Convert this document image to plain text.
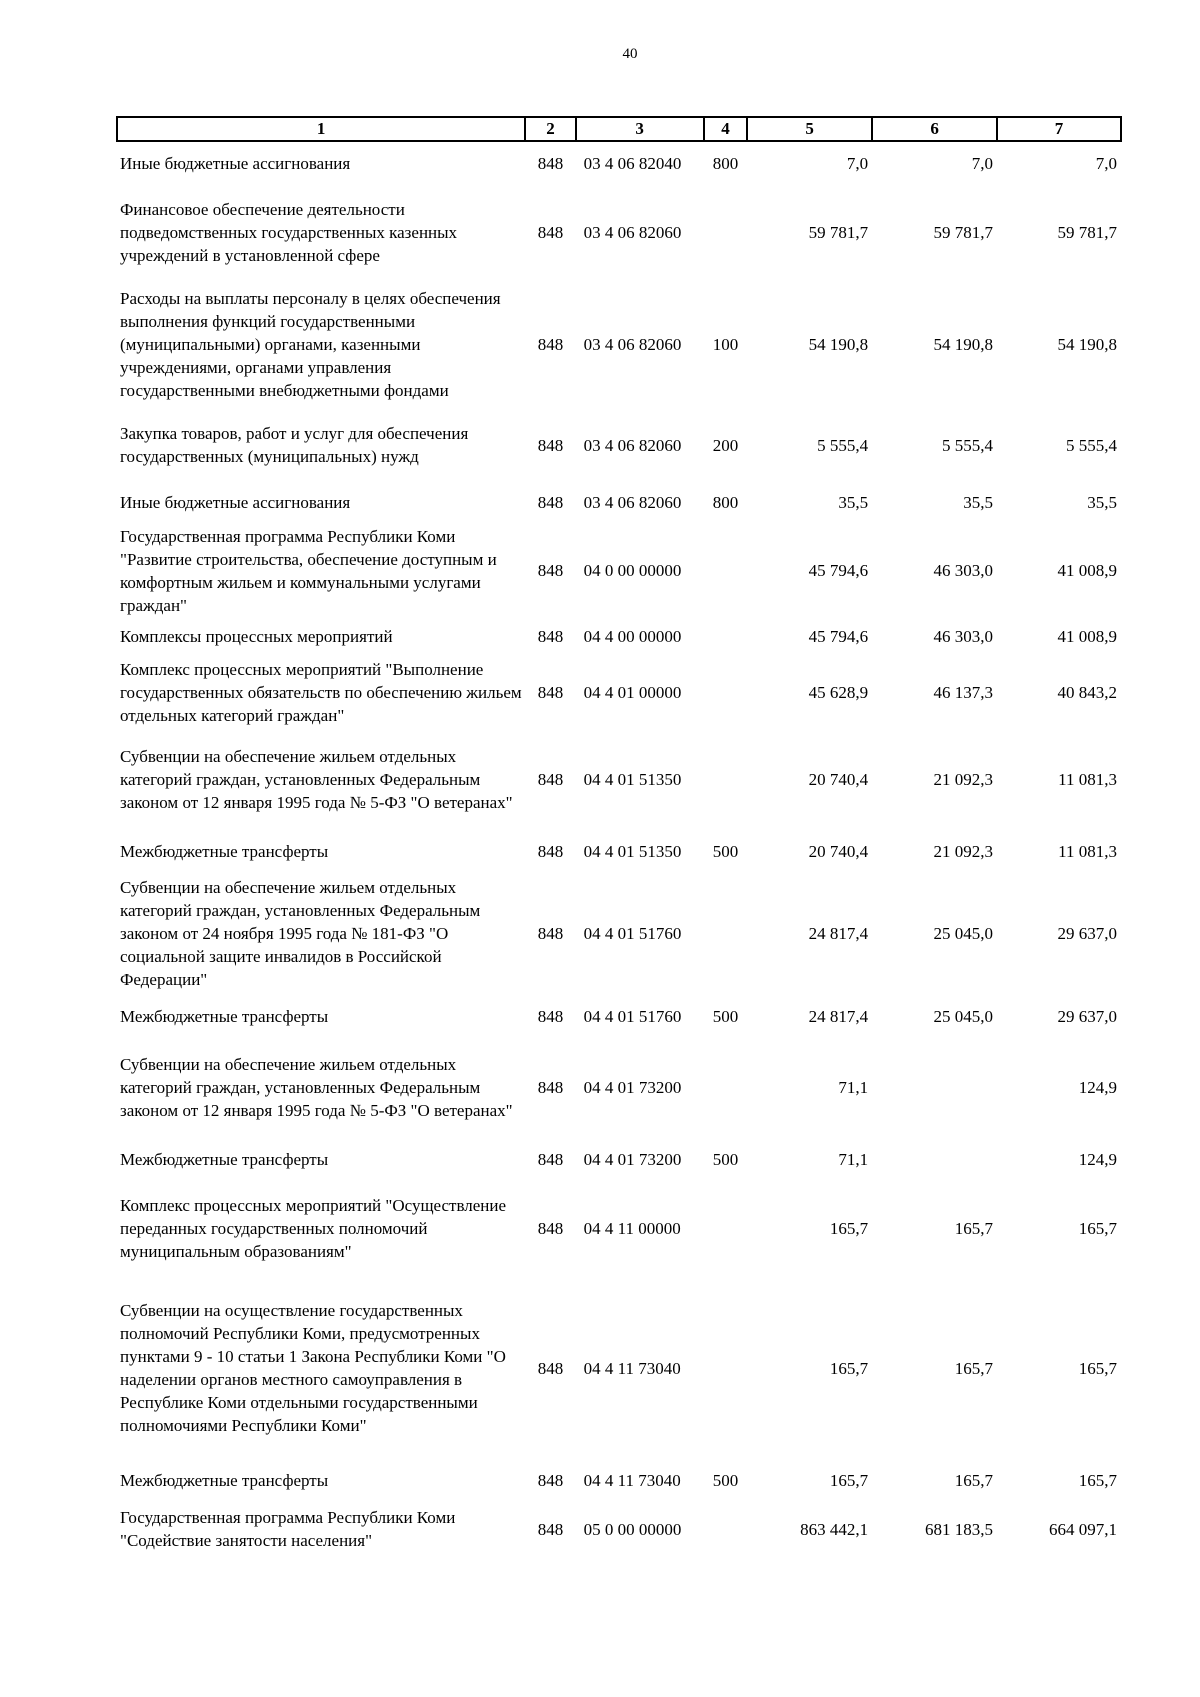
40
1	2	3	4	5	6	7
Иные бюджетные ассигнования	848	03 4 06 82040	800	7,0	7,0	7,0
Финансовое обеспечение деятельности подведомственных государственных казенных учреждений в установленной сфере	848	03 4 06 82060		59 781,7	59 781,7	59 781,7
Расходы на выплаты персоналу в целях обеспечения выполнения функций государственными (муниципальными) органами, казенными учреждениями, органами управления государственными внебюджетными фондами	848	03 4 06 82060	100	54 190,8	54 190,8	54 190,8
Закупка товаров, работ и услуг для обеспечения государственных (муниципальных) нужд	848	03 4 06 82060	200	5 555,4	5 555,4	5 555,4
Иные бюджетные ассигнования	848	03 4 06 82060	800	35,5	35,5	35,5
Государственная программа Республики Коми "Развитие строительства, обеспечение доступным и комфортным жильем и коммунальными услугами граждан"	848	04 0 00 00000		45 794,6	46 303,0	41 008,9
Комплексы процессных мероприятий	848	04 4 00 00000		45 794,6	46 303,0	41 008,9
Комплекс процессных мероприятий "Выполнение государственных обязательств по обеспечению жильем отдельных категорий граждан"	848	04 4 01 00000		45 628,9	46 137,3	40 843,2
Субвенции на обеспечение жильем отдельных категорий граждан, установленных Федеральным законом от 12 января 1995 года № 5-ФЗ "О ветеранах"	848	04 4 01 51350		20 740,4	21 092,3	11 081,3
Межбюджетные трансферты	848	04 4 01 51350	500	20 740,4	21 092,3	11 081,3
Субвенции на обеспечение жильем отдельных категорий граждан, установленных Федеральным законом от 24 ноября 1995 года № 181-ФЗ "О социальной защите инвалидов в Российской Федерации"	848	04 4 01 51760		24 817,4	25 045,0	29 637,0
Межбюджетные трансферты	848	04 4 01 51760	500	24 817,4	25 045,0	29 637,0
Субвенции на обеспечение жильем отдельных категорий граждан, установленных Федеральным законом от 12 января 1995 года № 5-ФЗ "О ветеранах"	848	04 4 01 73200		71,1		124,9
Межбюджетные трансферты	848	04 4 01 73200	500	71,1		124,9
Комплекс процессных мероприятий "Осуществление переданных государственных полномочий муниципальным образованиям"	848	04 4 11 00000		165,7	165,7	165,7
Субвенции на осуществление государственных полномочий Республики Коми, предусмотренных пунктами 9 - 10 статьи 1 Закона Республики Коми "О наделении органов местного самоуправления в Республике Коми отдельными государственными полномочиями Республики Коми"	848	04 4 11 73040		165,7	165,7	165,7
Межбюджетные трансферты	848	04 4 11 73040	500	165,7	165,7	165,7
Государственная программа Республики Коми "Содействие занятости населения"	848	05 0 00 00000		863 442,1	681 183,5	664 097,1
